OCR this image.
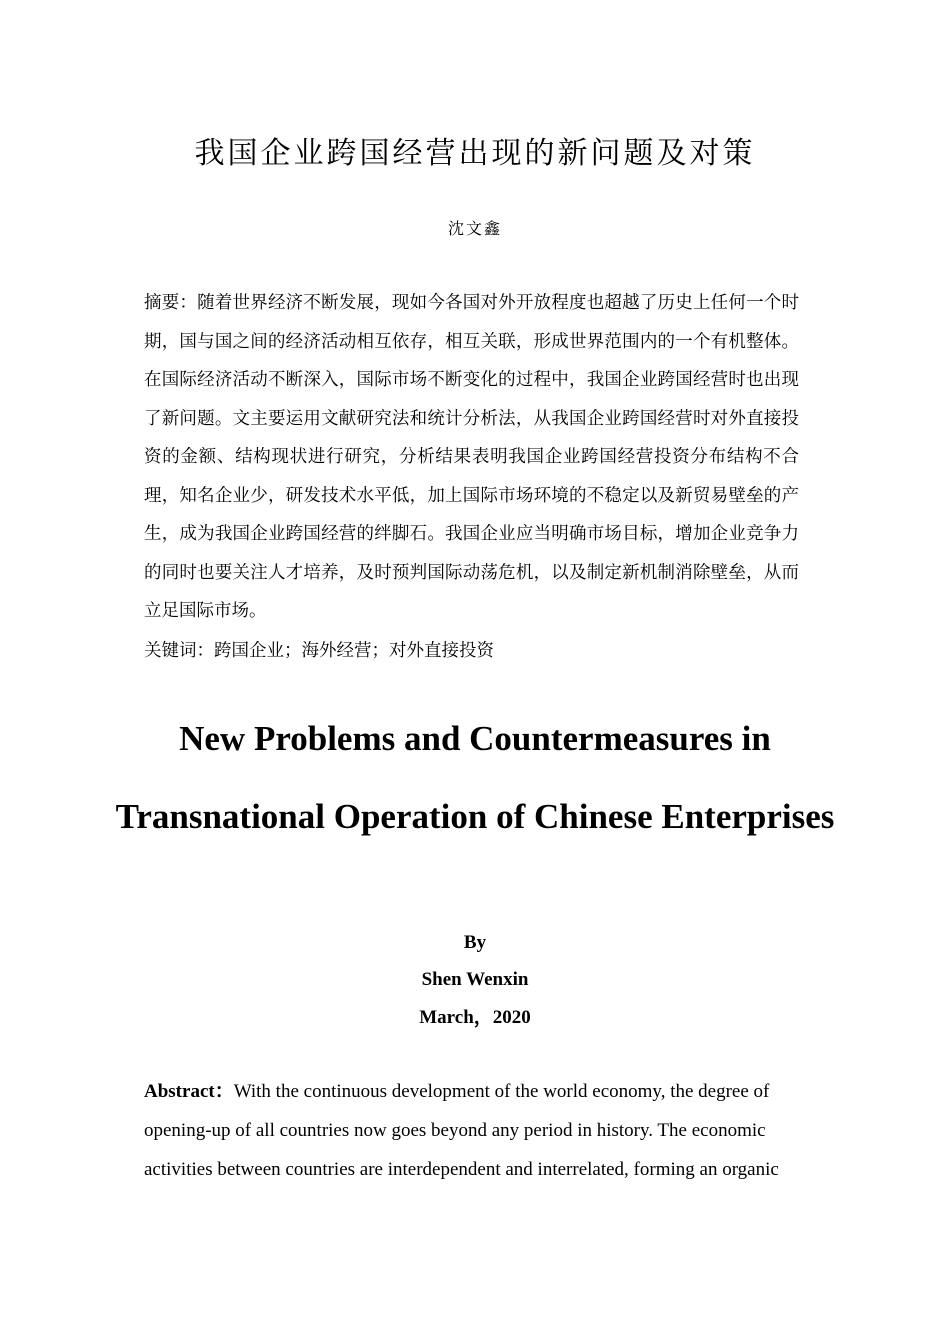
我国企业跨国经营出现的新问题及对策
沈文鑫

摘要：随着世界经济不断发展，现如今各国对外开放程度也超越了历史上任何一个时期，国与国之间的经济活动相互依存，相互关联，形成世界范围内的一个有机整体。在国际经济活动不断深入，国际市场不断变化的过程中，我国企业跨国经营时也出现了新问题。文主要运用文献研究法和统计分析法，从我国企业跨国经营时对外直接投资的金额、结构现状进行研究，分析结果表明我国企业跨国经营投资分布结构不合理，知名企业少，研发技术水平低，加上国际市场环境的不稳定以及新贸易壁垒的产生，成为我国企业跨国经营的绊脚石。我国企业应当明确市场目标，增加企业竞争力的同时也要关注人才培养，及时预判国际动荡危机，以及制定新机制消除壁垒，从而立足国际市场。

关键词：跨国企业；海外经营；对外直接投资

New Problems and Countermeasures in Transnational Operation of Chinese Enterprises
By
Shen Wenxin
March，2020

Abstract：With the continuous development of the world economy, the degree of opening-up of all countries now goes beyond any period in history. The economic activities between countries are interdependent and interrelated, forming an organic
